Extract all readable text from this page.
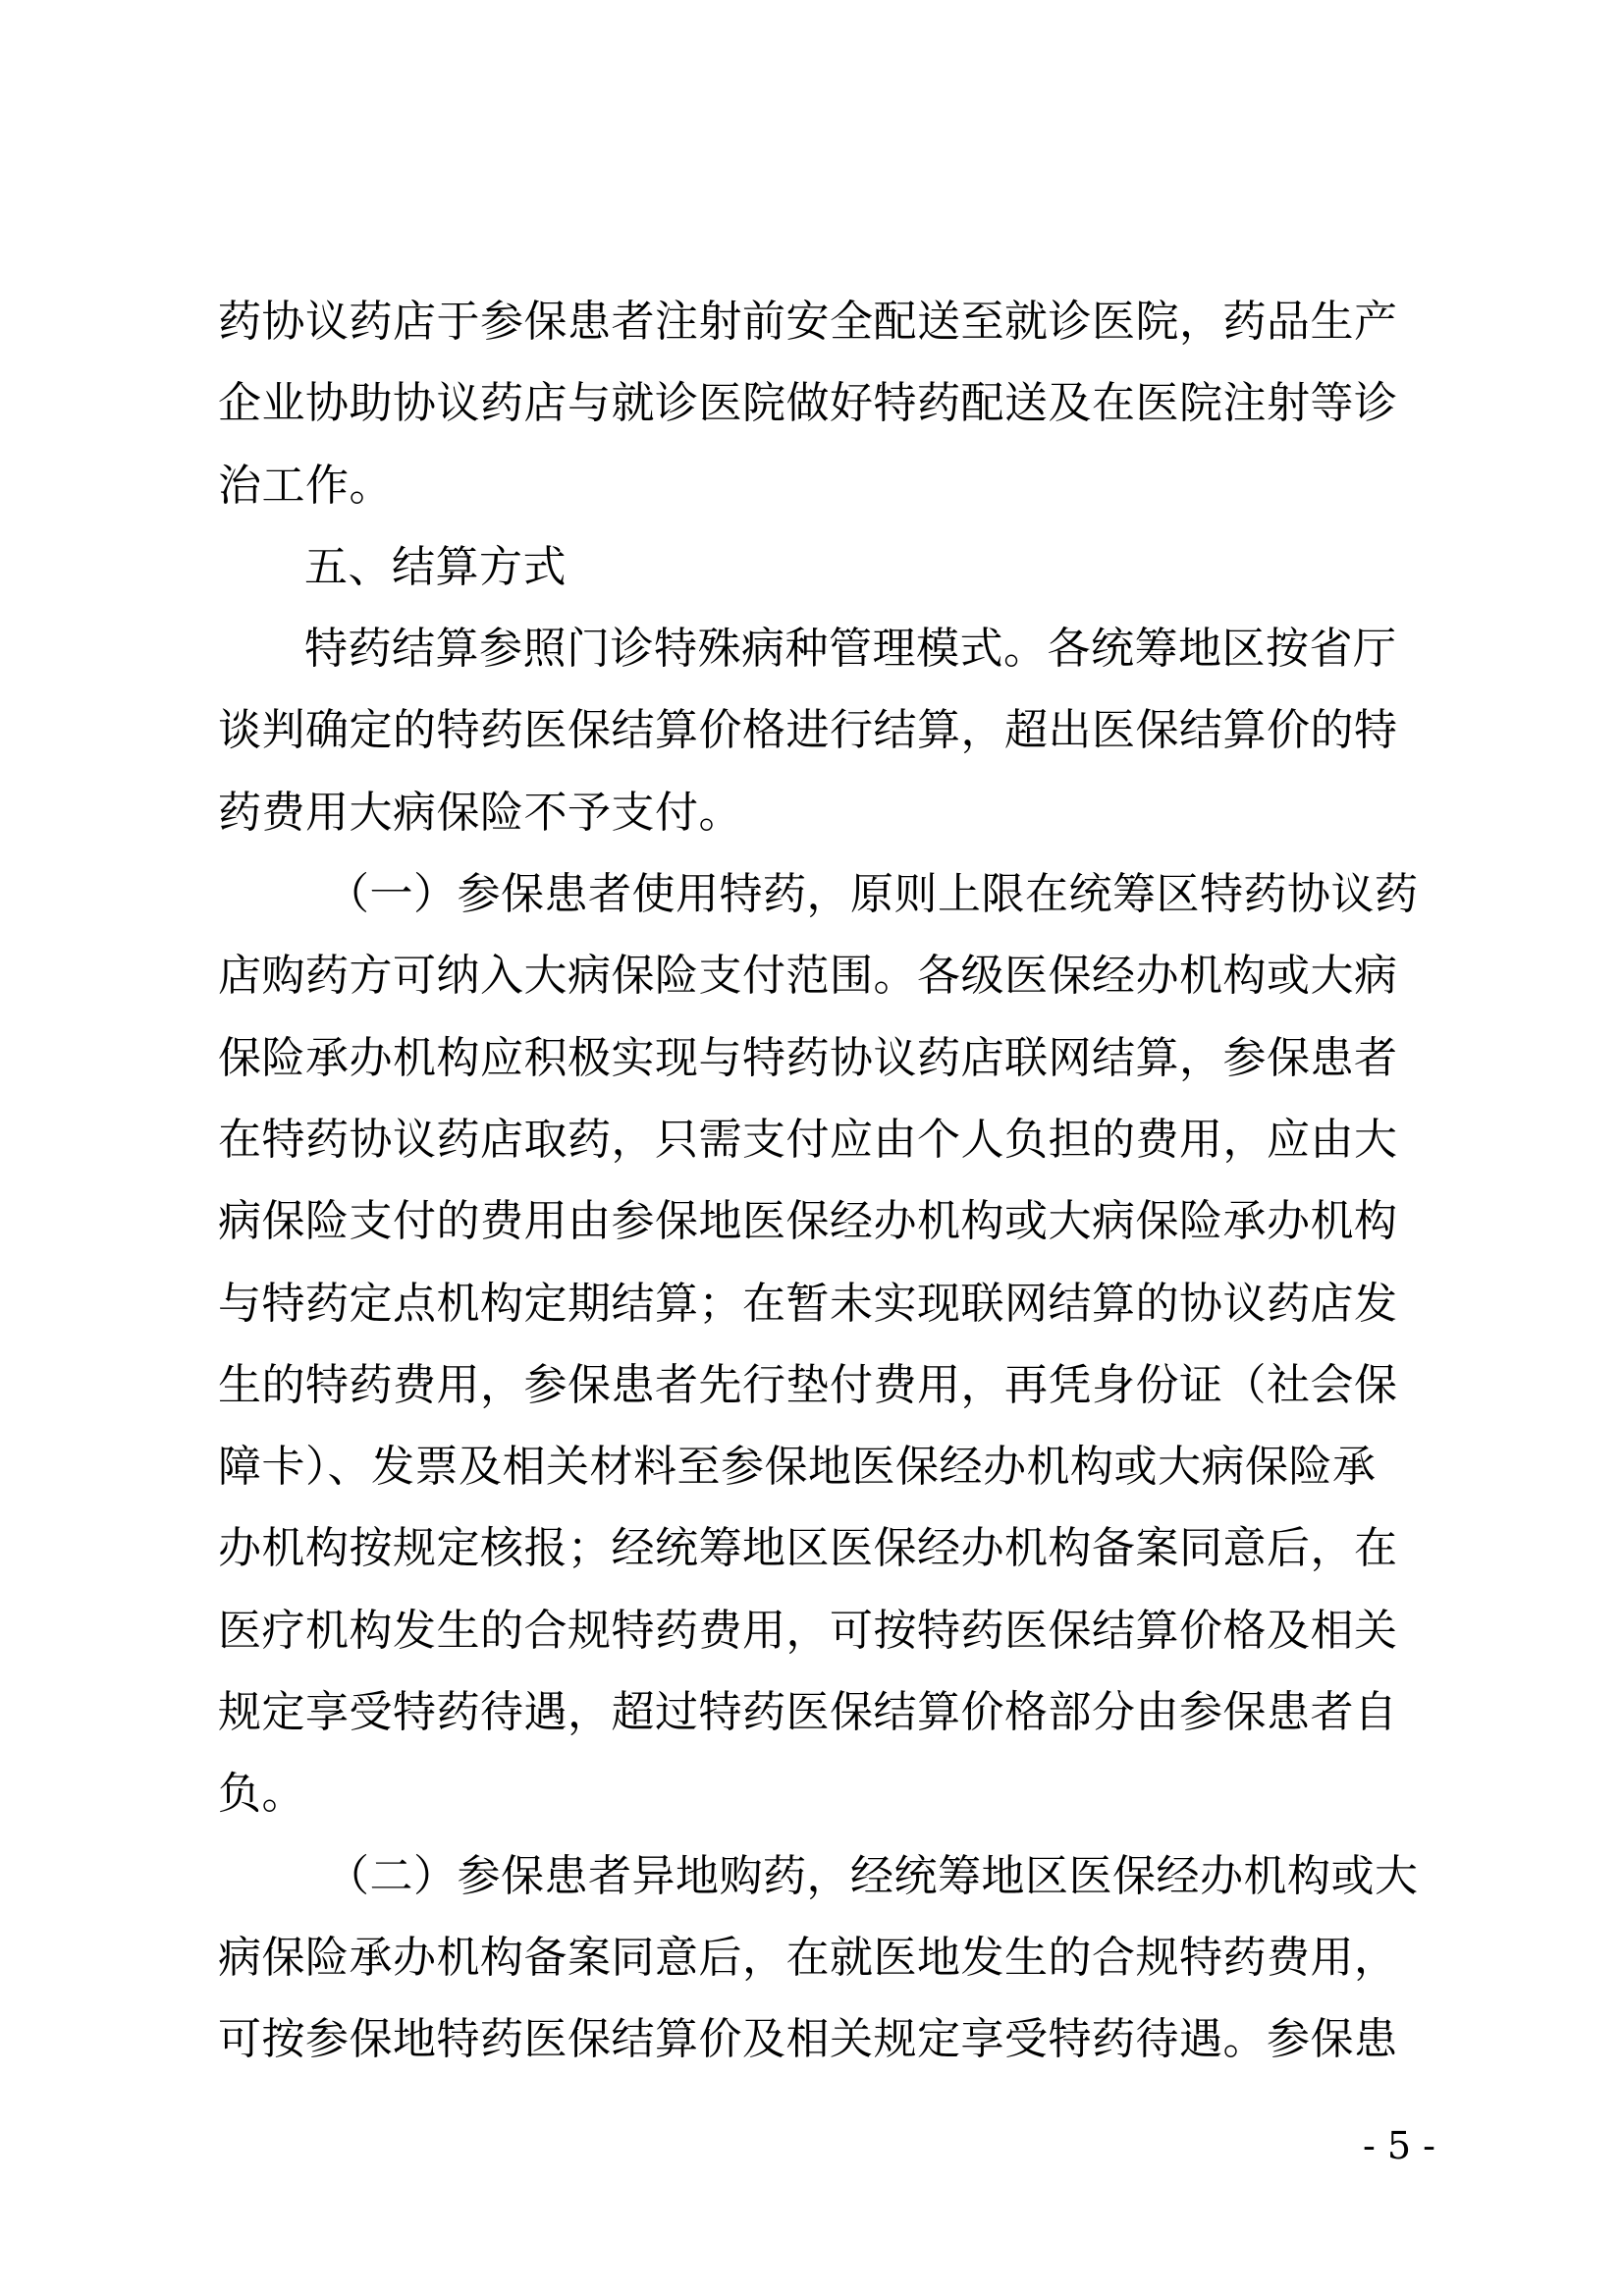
药协议药店于参保患者注射前安全配送至就诊医院，药品生产
企业协助协议药店与就诊医院做好特药配送及在医院注射等诊
治工作。
五、结算方式
特药结算参照门诊特殊病种管理模式。各统筹地区按省厅
谈判确定的特药医保结算价格进行结算，超出医保结算价的特
药费用大病保险不予支付。
（一）参保患者使用特药，原则上限在统筹区特药协议药
店购药方可纳入大病保险支付范围。各级医保经办机构或大病
保险承办机构应积极实现与特药协议药店联网结算，参保患者
在特药协议药店取药，只需支付应由个人负担的费用，应由大
病保险支付的费用由参保地医保经办机构或大病保险承办机构
与特药定点机构定期结算；在暂未实现联网结算的协议药店发
生的特药费用，参保患者先行垫付费用，再凭身份证（社会保
障卡）、发票及相关材料至参保地医保经办机构或大病保险承
办机构按规定核报；经统筹地区医保经办机构备案同意后，在
医疗机构发生的合规特药费用，可按特药医保结算价格及相关
规定享受特药待遇，超过特药医保结算价格部分由参保患者自
负。
（二）参保患者异地购药，经统筹地区医保经办机构或大
病保险承办机构备案同意后，在就医地发生的合规特药费用，
可按参保地特药医保结算价及相关规定享受特药待遇。参保患
- 5 -
